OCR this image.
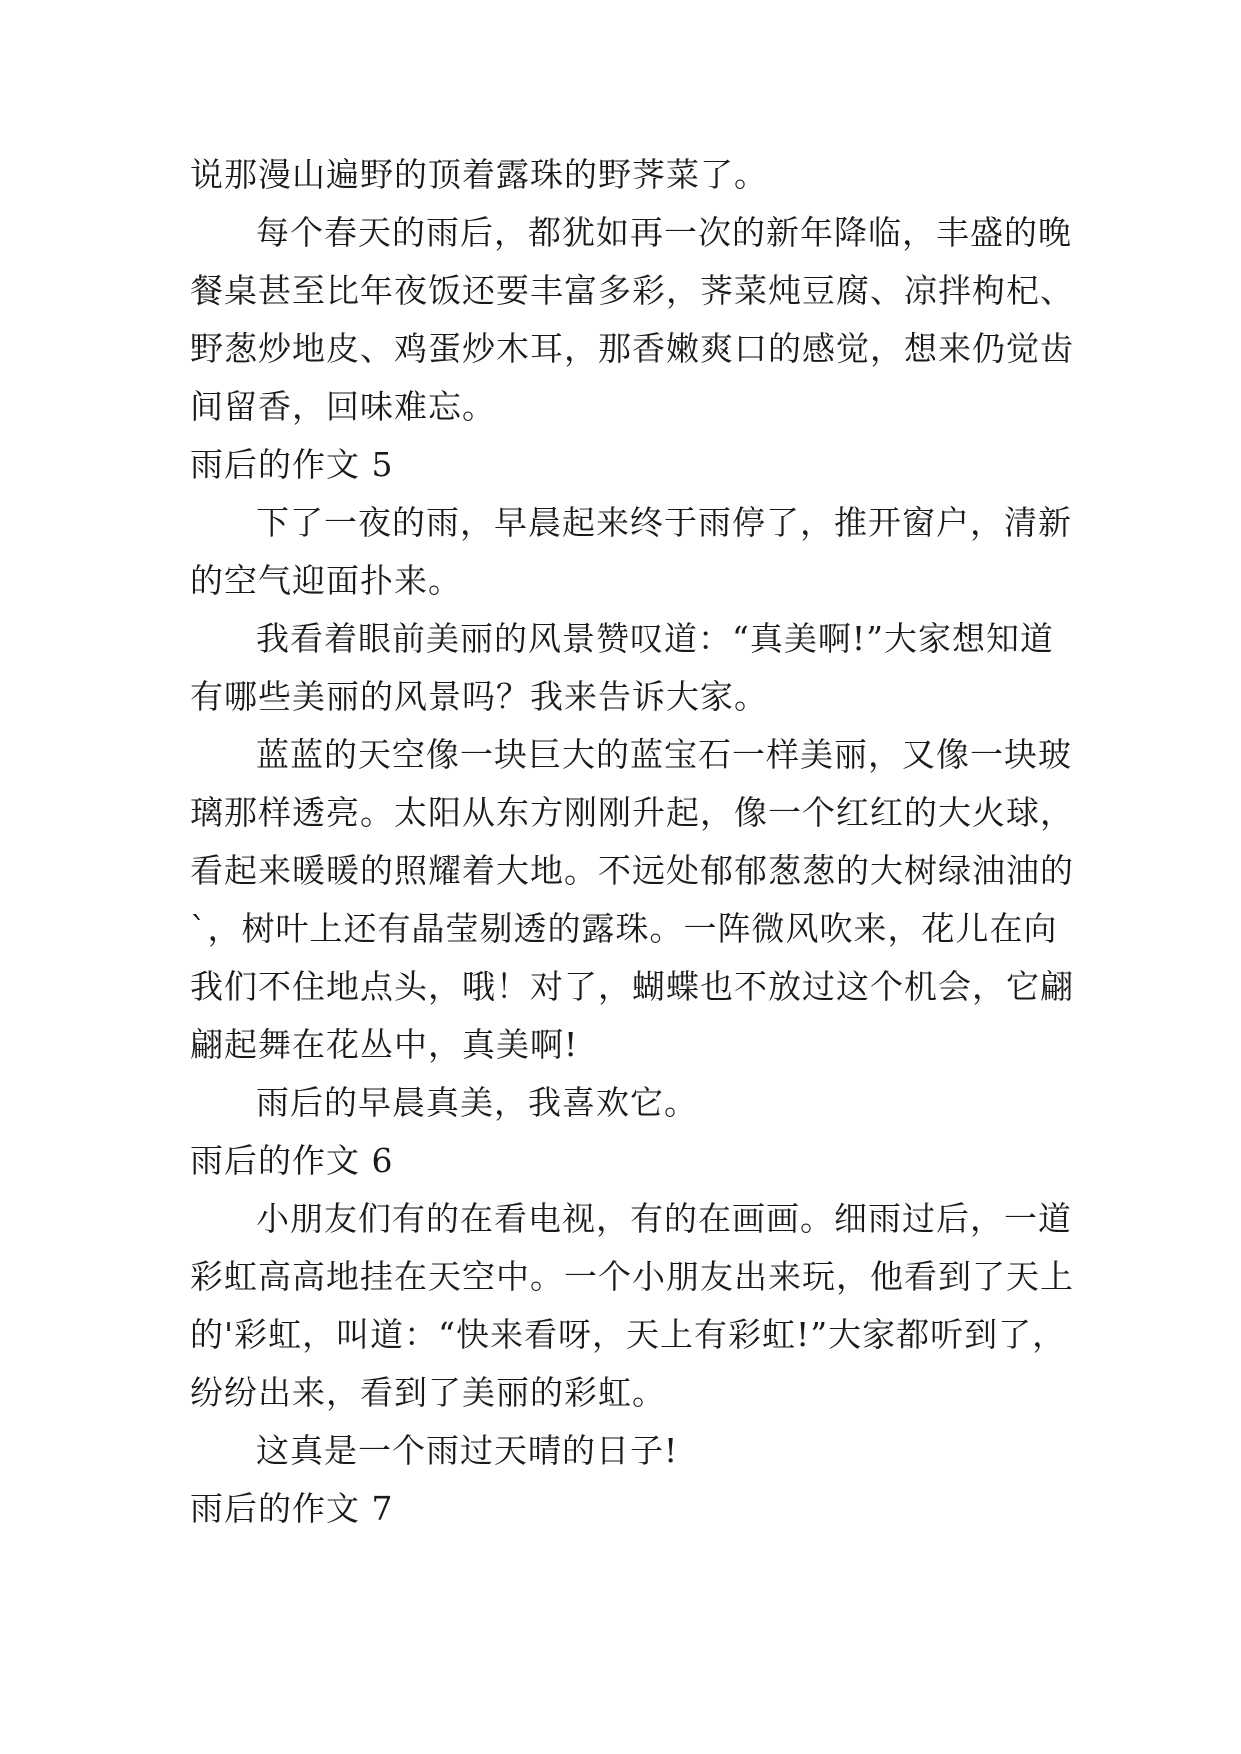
说那漫山遍野的顶着露珠的野荠菜了。
每个春天的雨后，都犹如再一次的新年降临，丰盛的晚
餐桌甚至比年夜饭还要丰富多彩，荠菜炖豆腐、凉拌枸杞、
野葱炒地皮、鸡蛋炒木耳，那香嫩爽口的感觉，想来仍觉齿
间留香，回味难忘。
雨后的作文 5
下了一夜的雨，早晨起来终于雨停了，推开窗户，清新
的空气迎面扑来。
我看着眼前美丽的风景赞叹道：“真美啊!”大家想知道
有哪些美丽的风景吗？我来告诉大家。
蓝蓝的天空像一块巨大的蓝宝石一样美丽，又像一块玻
璃那样透亮。太阳从东方刚刚升起，像一个红红的大火球，
看起来暖暖的照耀着大地。不远处郁郁葱葱的大树绿油油的
`，树叶上还有晶莹剔透的露珠。一阵微风吹来，花儿在向
我们不住地点头，哦！对了，蝴蝶也不放过这个机会，它翩
翩起舞在花丛中，真美啊!
雨后的早晨真美，我喜欢它。
雨后的作文 6
小朋友们有的在看电视，有的在画画。细雨过后，一道
彩虹高高地挂在天空中。一个小朋友出来玩，他看到了天上
的'彩虹，叫道：“快来看呀，天上有彩虹!”大家都听到了，
纷纷出来，看到了美丽的彩虹。
这真是一个雨过天晴的日子!
雨后的作文 7
